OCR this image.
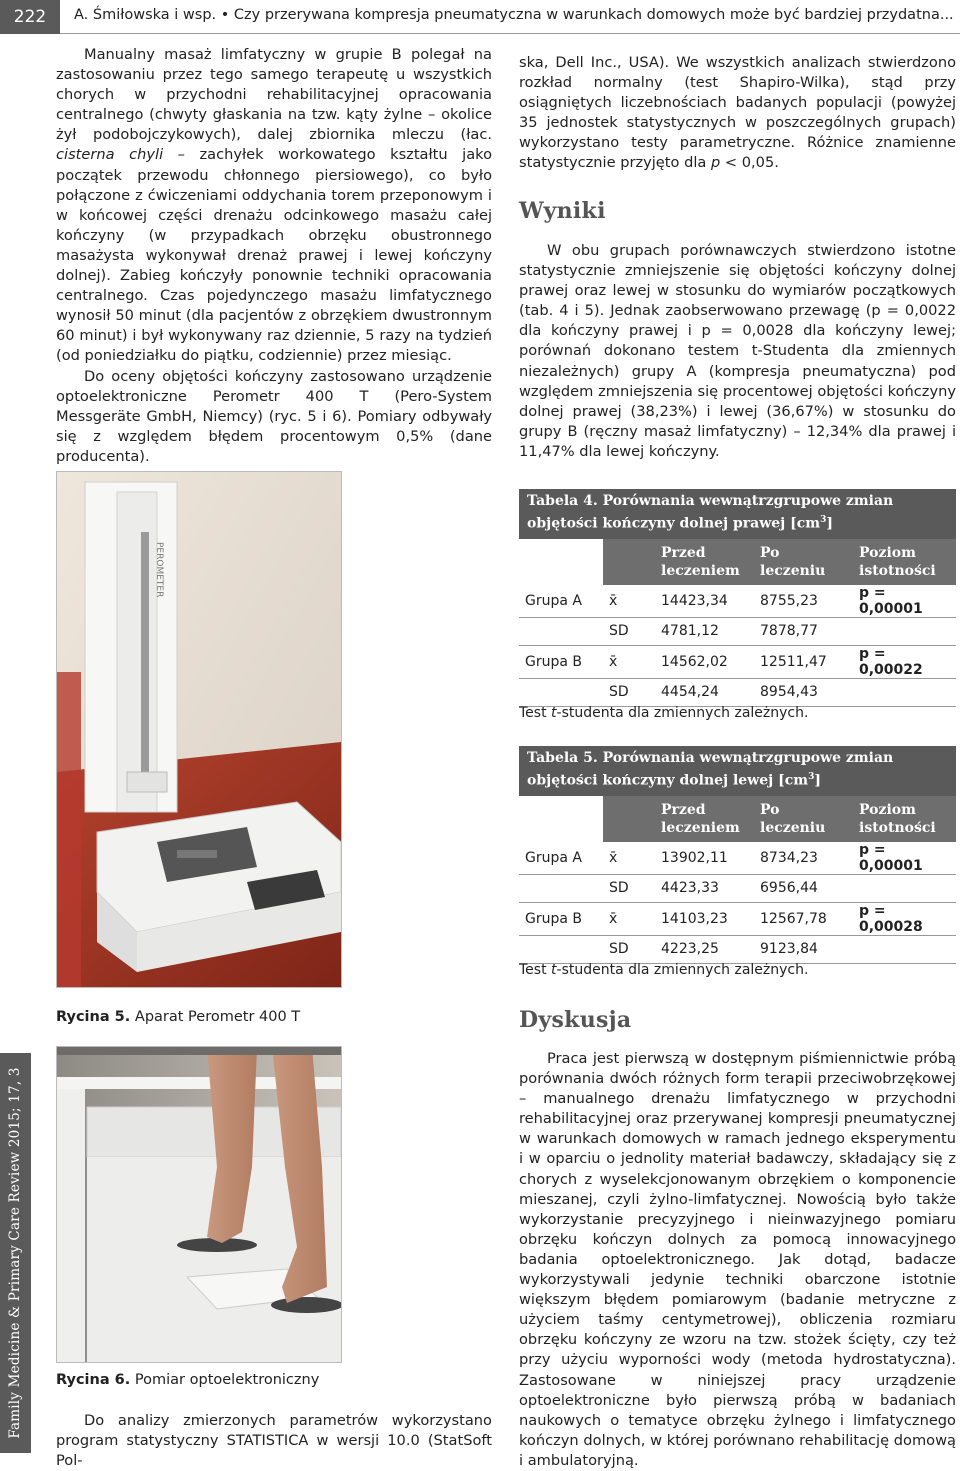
222	A. Śmiłowska i wsp. • Czy przerywana kompresja pneumatyczna w warunkach domowych może być bardziej przydatna...
Family Medicine & Primary Care Review 2015; 17, 3

Manualny masaż limfatyczny w grupie B polegał na zastosowaniu przez tego samego terapeutę u wszystkich chorych w przychodni rehabilitacyjnej opracowania centralnego (chwyty głaskania na tzw. kąty żylne – okolice żył podobojczykowych), dalej zbiornika mleczu (łac. cisterna chyli – zachyłek workowatego kształtu jako początek przewodu chłonnego piersiowego), co było połączone z ćwiczeniami oddychania torem przeponowym i w końcowej części drenażu odcinkowego masażu całej kończyny (w przypadkach obrzęku obustronnego masażysta wykonywał drenaż prawej i lewej kończyny dolnej). Zabieg kończyły ponownie techniki opracowania centralnego. Czas pojedynczego masażu limfatycznego wynosił 50 minut (dla pacjentów z obrzękiem dwustronnym 60 minut) i był wykonywany raz dziennie, 5 razy na tydzień (od poniedziałku do piątku, codziennie) przez miesiąc.

Do oceny objętości kończyny zastosowano urządzenie optoelektroniczne Perometr 400 T (Pero-System Messgeräte GmbH, Niemcy) (ryc. 5 i 6). Pomiary odbywały się z względem błędem procentowym 0,5% (dane producenta).

PEROMETER
Rycina 5. Aparat Perometr 400 T
Rycina 6. Pomiar optoelektroniczny

Do analizy zmierzonych parametrów wykorzystano program statystyczny STATISTICA w wersji 10.0 (StatSoft Pol-

ska, Dell Inc., USA). We wszystkich analizach stwierdzono rozkład normalny (test Shapiro-Wilka), stąd przy osiągniętych liczebnościach badanych populacji (powyżej 35 jednostek statystycznych w poszczególnych grupach) wykorzystano testy parametryczne. Różnice znamienne statystycznie przyjęto dla p < 0,05.

Wyniki

W obu grupach porównawczych stwierdzono istotne statystycznie zmniejszenie się objętości kończyny dolnej prawej oraz lewej w stosunku do wymiarów początkowych (tab. 4 i 5). Jednak zaobserwowano przewagę (p = 0,0022 dla kończyny prawej i p = 0,0028 dla kończyny lewej; porównań dokonano testem t-Studenta dla zmiennych niezależnych) grupy A (kompresja pneumatyczna) pod względem zmniejszenia się procentowej objętości kończyny dolnej prawej (38,23%) i lewej (36,67%) w stosunku do grupy B (ręczny masaż limfatyczny) – 12,34% dla prawej i 11,47% dla lewej kończyny.

Tabela 4. Porównania wewnątrzgrupowe zmian objętości kończyny dolnej prawej $[cm^3]$
		Przed leczeniem	Po leczeniu	Poziom istotności
Grupa A	x̄	14423,34	8755,23	p = 0,00001
	SD	4781,12	7878,77	
Grupa B	x̄	14562,02	12511,47	p = 0,00022
	SD	4454,24	8954,43	
Test t-studenta dla zmiennych zależnych.
Tabela 5. Porównania wewnątrzgrupowe zmian objętości kończyny dolnej lewej $[cm^3]$
		Przed leczeniem	Po leczeniu	Poziom istotności
Grupa A	x̄	13902,11	8734,23	p = 0,00001
	SD	4423,33	6956,44	
Grupa B	x̄	14103,23	12567,78	p = 0,00028
	SD	4223,25	9123,84	
Test t-studenta dla zmiennych zależnych.
Dyskusja

Praca jest pierwszą w dostępnym piśmiennictwie próbą porównania dwóch różnych form terapii przeciwobrzękowej – manualnego drenażu limfatycznego w przychodni rehabilitacyjnej oraz przerywanej kompresji pneumatycznej w warunkach domowych w ramach jednego eksperymentu i w oparciu o jednolity materiał badawczy, składający się z chorych z wyselekcjonowanym obrzękiem o komponencie mieszanej, czyli żylno-limfatycznej. Nowością było także wykorzystanie precyzyjnego i nieinwazyjnego pomiaru obrzęku kończyn dolnych za pomocą innowacyjnego badania optoelektronicznego. Jak dotąd, badacze wykorzystywali jedynie techniki obarczone istotnie większym błędem pomiarowym (badanie metryczne z użyciem taśmy centymetrowej), obliczenia rozmiaru obrzęku kończyny ze wzoru na tzw. stożek ścięty, czy też przy użyciu wyporności wody (metoda hydrostatyczna). Zastosowane w niniejszej pracy urządzenie optoelektroniczne było pierwszą próbą w badaniach naukowych o tematyce obrzęku żylnego i limfatycznego kończyn dolnych, w której porównano rehabilitację domową i ambulatoryjną.
